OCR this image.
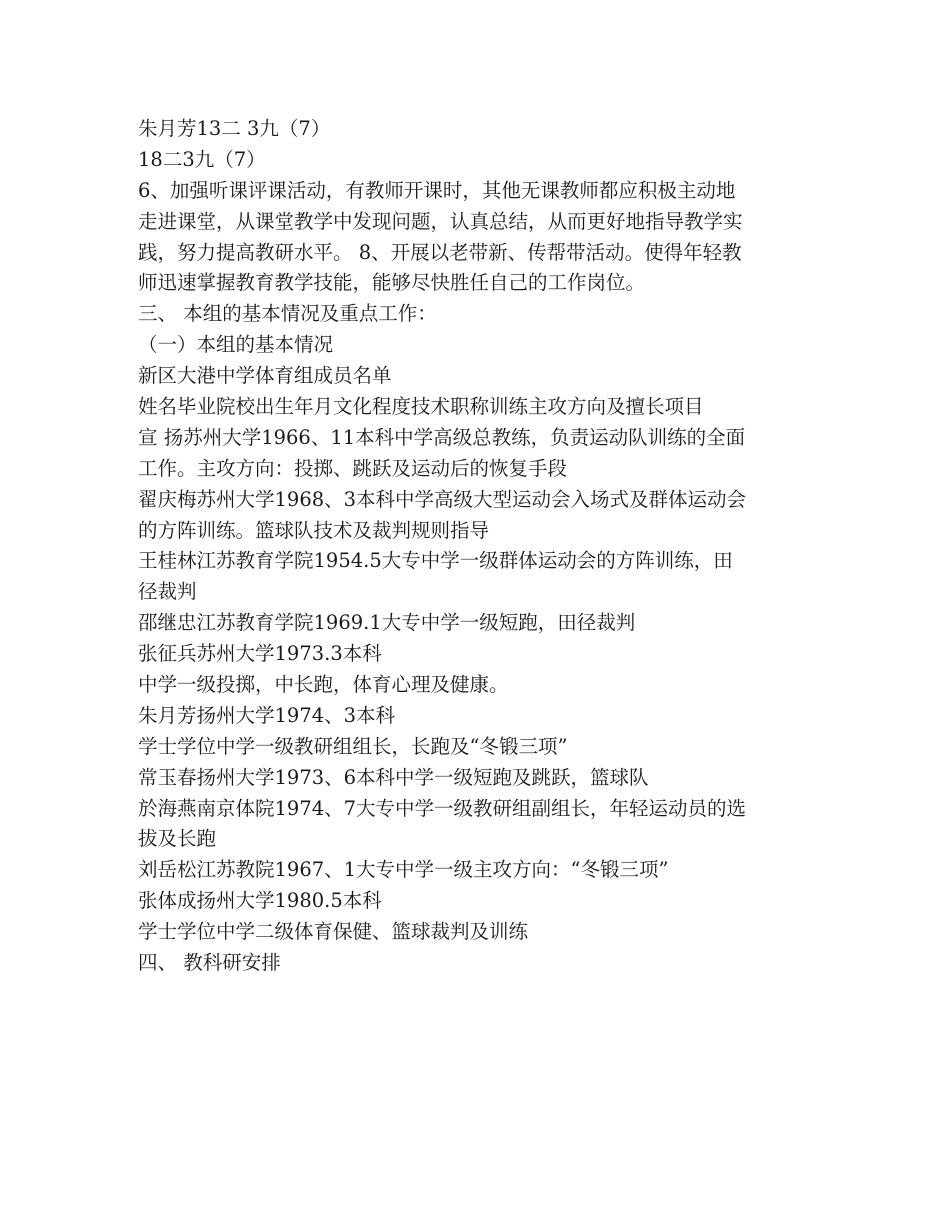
朱月芳13二 3九（7）
18二3九（7）
6、加强听课评课活动，有教师开课时，其他无课教师都应积极主动地
走进课堂，从课堂教学中发现问题，认真总结，从而更好地指导教学实
践，努力提高教研水平。 8、开展以老带新、传帮带活动。使得年轻教
师迅速掌握教育教学技能，能够尽快胜任自己的工作岗位。
三、 本组的基本情况及重点工作：
（一）本组的基本情况
新区大港中学体育组成员名单
姓名毕业院校出生年月文化程度技术职称训练主攻方向及擅长项目
宣 扬苏州大学1966、11本科中学高级总教练，负责运动队训练的全面
工作。主攻方向：投掷、跳跃及运动后的恢复手段
翟庆梅苏州大学1968、3本科中学高级大型运动会入场式及群体运动会
的方阵训练。篮球队技术及裁判规则指导
王桂林江苏教育学院1954.5大专中学一级群体运动会的方阵训练，田
径裁判
邵继忠江苏教育学院1969.1大专中学一级短跑，田径裁判
张征兵苏州大学1973.3本科
中学一级投掷，中长跑，体育心理及健康。
朱月芳扬州大学1974、3本科
学士学位中学一级教研组组长，长跑及“冬锻三项”
常玉春扬州大学1973、6本科中学一级短跑及跳跃，篮球队
於海燕南京体院1974、7大专中学一级教研组副组长，年轻运动员的选
拔及长跑
刘岳松江苏教院1967、1大专中学一级主攻方向：“冬锻三项”
张体成扬州大学1980.5本科
学士学位中学二级体育保健、篮球裁判及训练
四、 教科研安排
